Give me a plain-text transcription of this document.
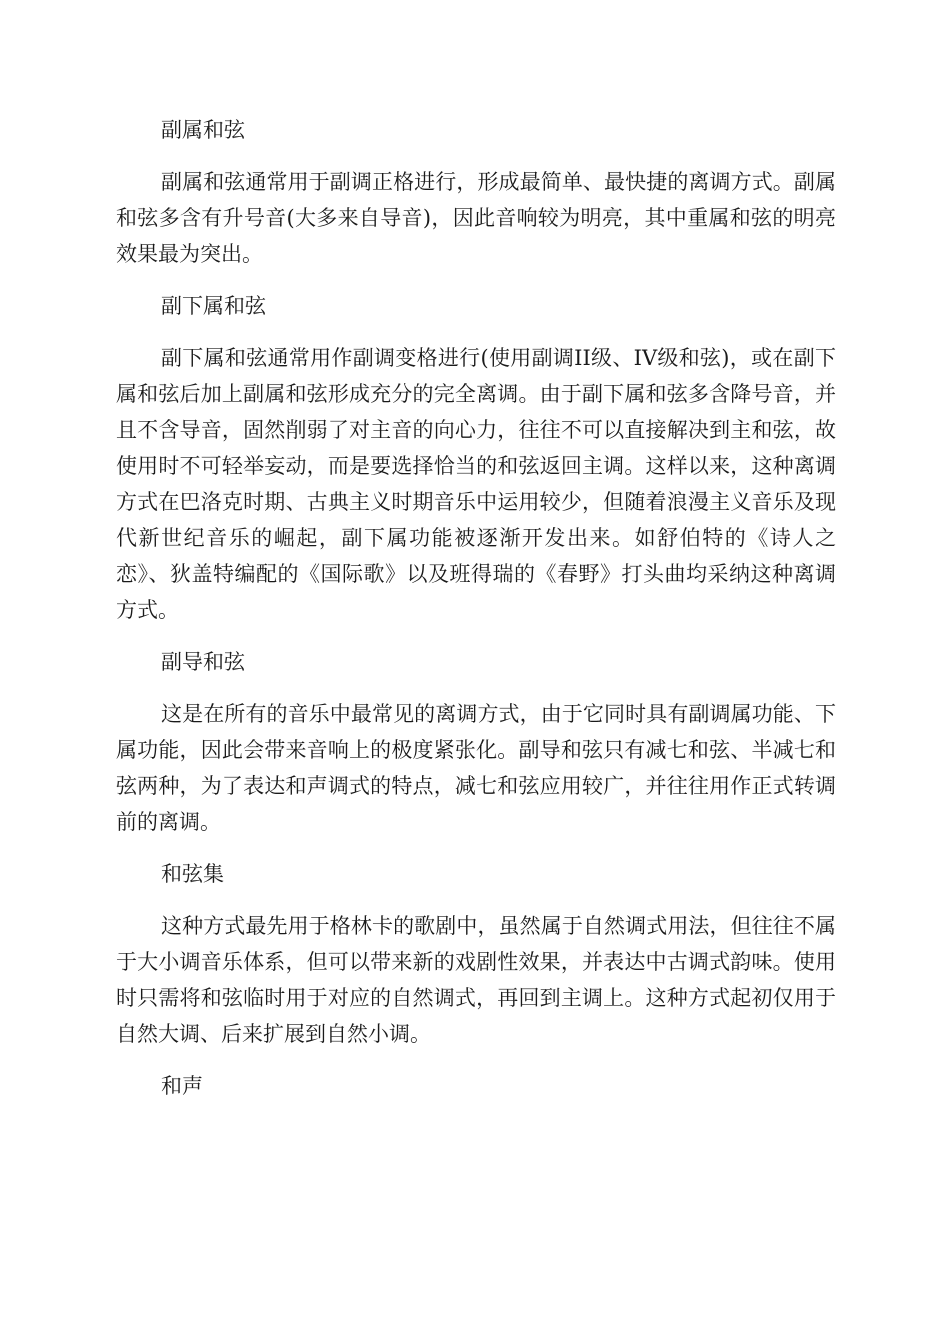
副属和弦

副属和弦通常用于副调正格进行，形成最简单、最快捷的离调方式。副属和弦多含有升号音(大多来自导音)，因此音响较为明亮，其中重属和弦的明亮效果最为突出。

副下属和弦

副下属和弦通常用作副调变格进行(使用副调II级、IV级和弦)，或在副下属和弦后加上副属和弦形成充分的完全离调。由于副下属和弦多含降号音，并且不含导音，固然削弱了对主音的向心力，往往不可以直接解决到主和弦，故使用时不可轻举妄动，而是要选择恰当的和弦返回主调。这样以来，这种离调方式在巴洛克时期、古典主义时期音乐中运用较少，但随着浪漫主义音乐及现代新世纪音乐的崛起，副下属功能被逐渐开发出来。如舒伯特的《诗人之恋》、狄盖特编配的《国际歌》以及班得瑞的《春野》打头曲均采纳这种离调方式。

副导和弦

这是在所有的音乐中最常见的离调方式，由于它同时具有副调属功能、下属功能，因此会带来音响上的极度紧张化。副导和弦只有减七和弦、半减七和弦两种，为了表达和声调式的特点，减七和弦应用较广，并往往用作正式转调前的离调。

和弦集

这种方式最先用于格林卡的歌剧中，虽然属于自然调式用法，但往往不属于大小调音乐体系，但可以带来新的戏剧性效果，并表达中古调式韵味。使用时只需将和弦临时用于对应的自然调式，再回到主调上。这种方式起初仅用于自然大调、后来扩展到自然小调。

和声
